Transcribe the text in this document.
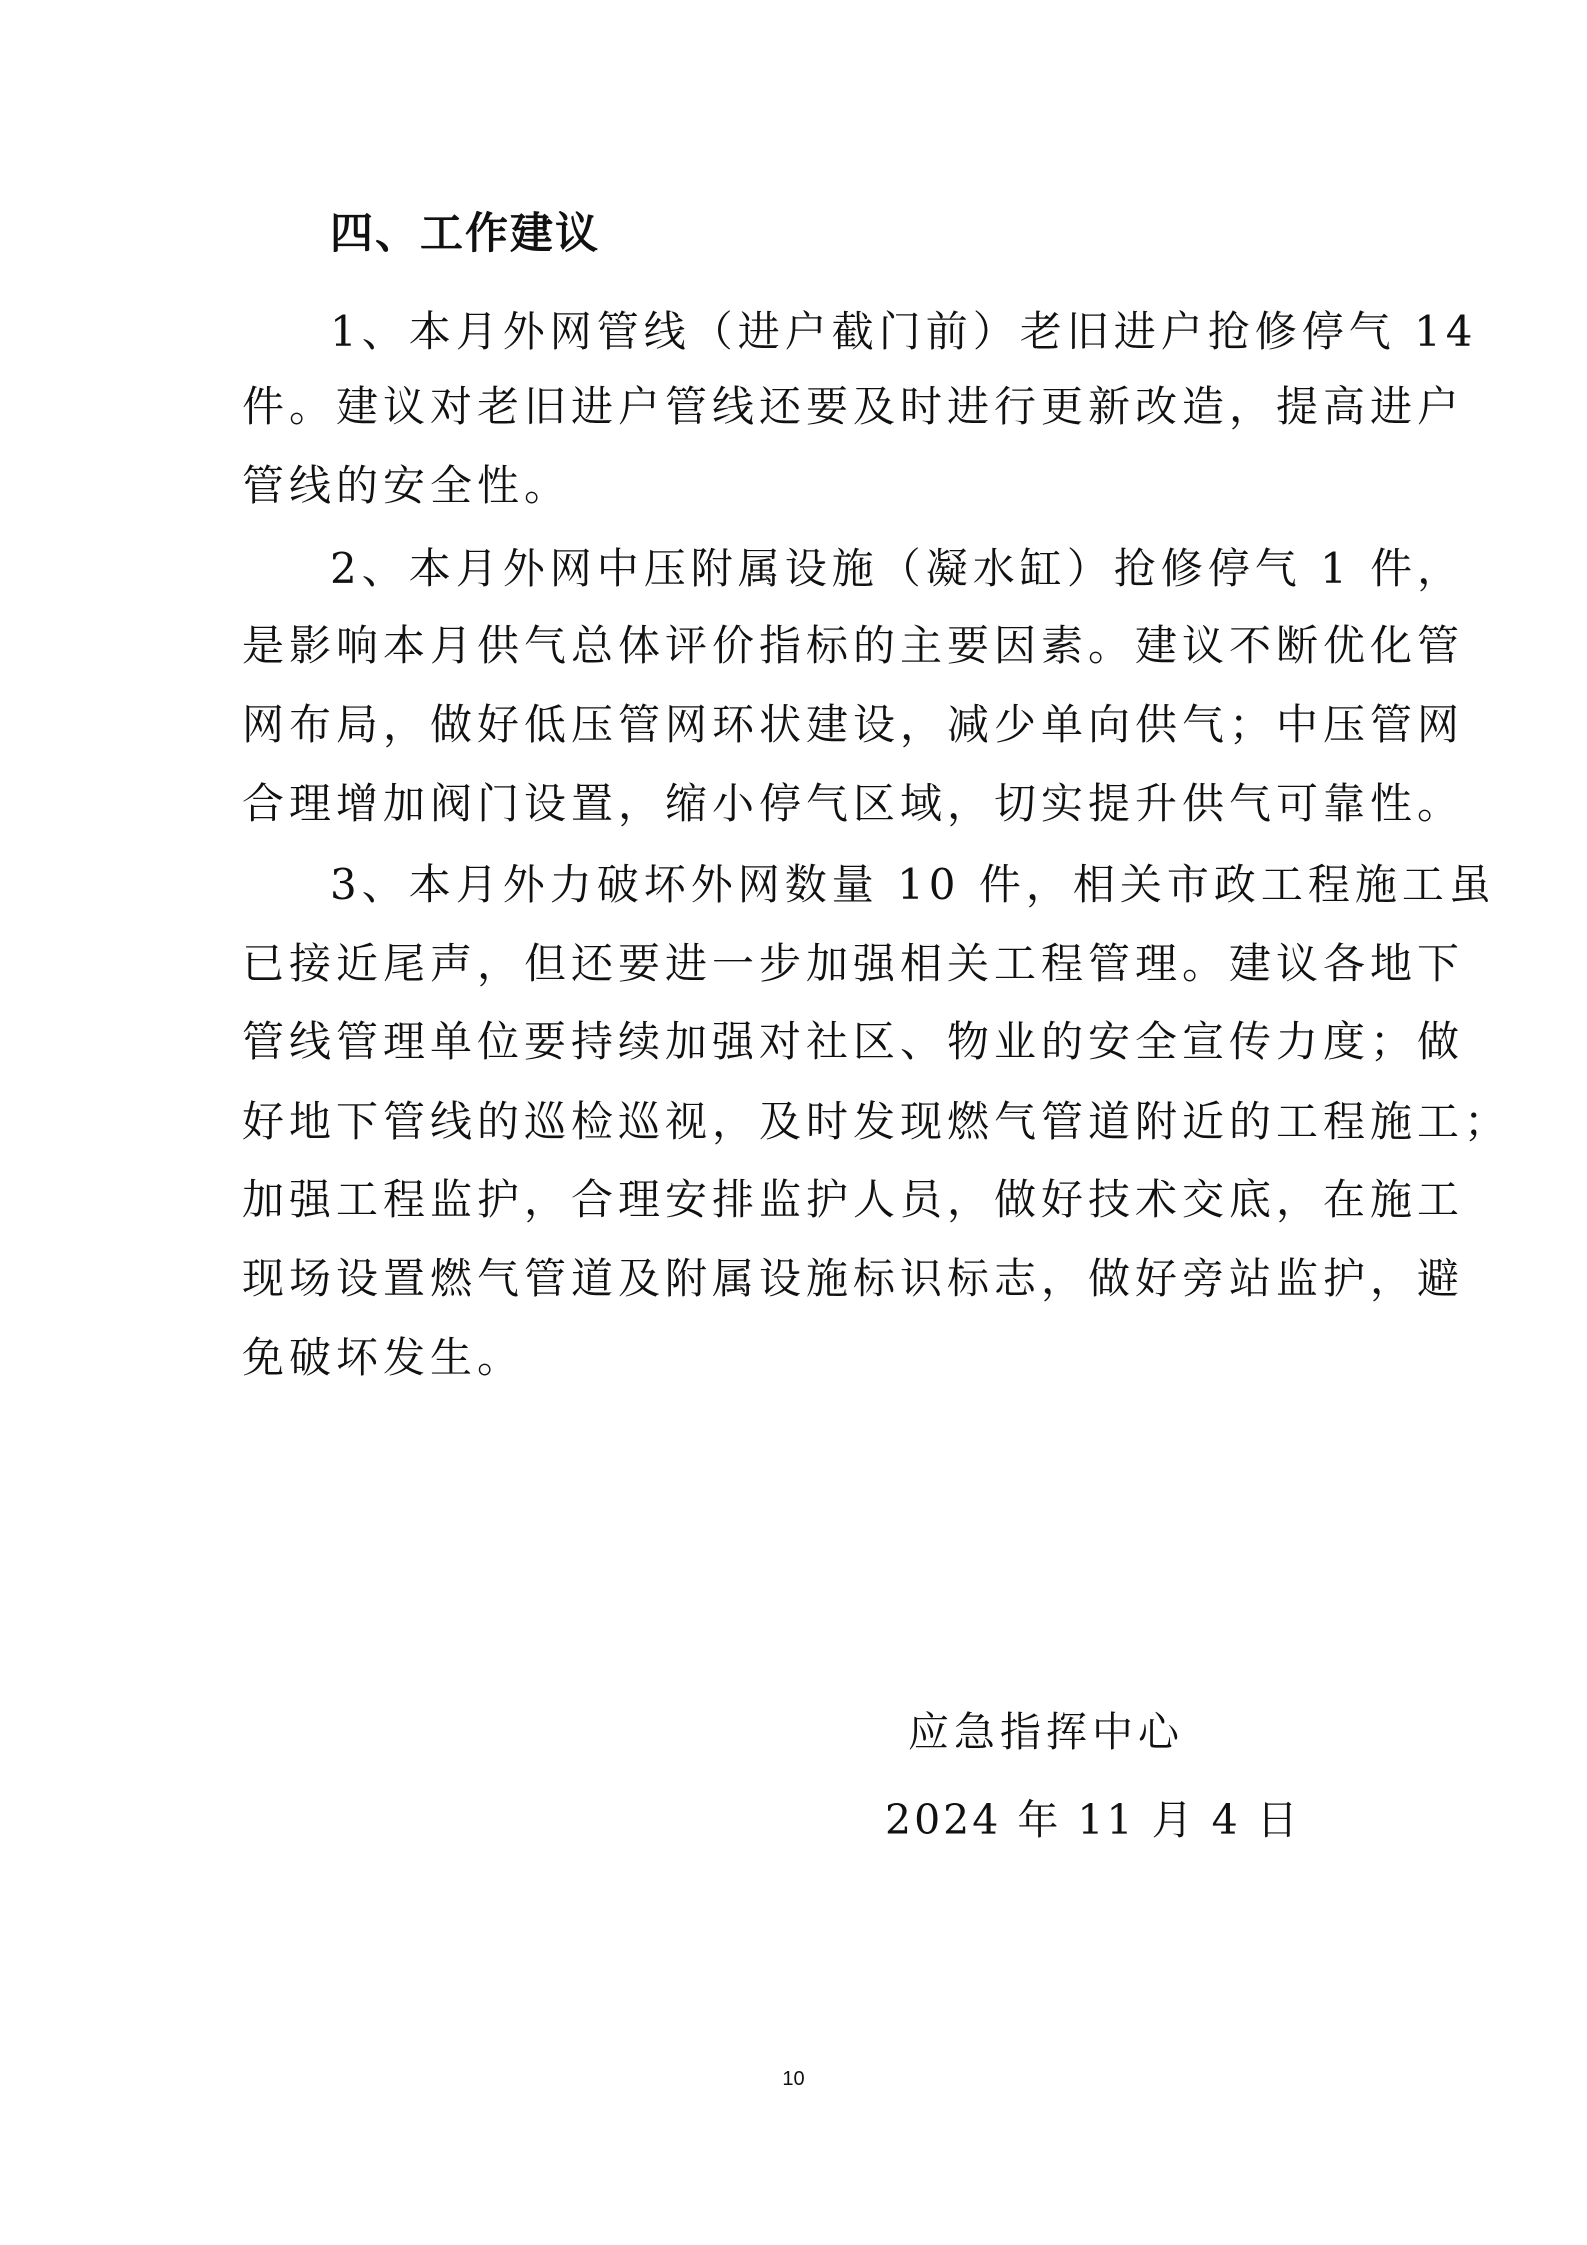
四、工作建议
1、本月外网管线（进户截门前）老旧进户抢修停气 14
件。建议对老旧进户管线还要及时进行更新改造，提高进户
管线的安全性。
2、本月外网中压附属设施（凝水缸）抢修停气 1 件，
是影响本月供气总体评价指标的主要因素。建议不断优化管
网布局，做好低压管网环状建设，减少单向供气；中压管网
合理增加阀门设置，缩小停气区域，切实提升供气可靠性。
3、本月外力破坏外网数量 10 件，相关市政工程施工虽
已接近尾声，但还要进一步加强相关工程管理。建议各地下
管线管理单位要持续加强对社区、物业的安全宣传力度；做
好地下管线的巡检巡视，及时发现燃气管道附近的工程施工；
加强工程监护，合理安排监护人员，做好技术交底，在施工
现场设置燃气管道及附属设施标识标志，做好旁站监护，避
免破坏发生。
应急指挥中心
2024 年 11 月 4 日
10
